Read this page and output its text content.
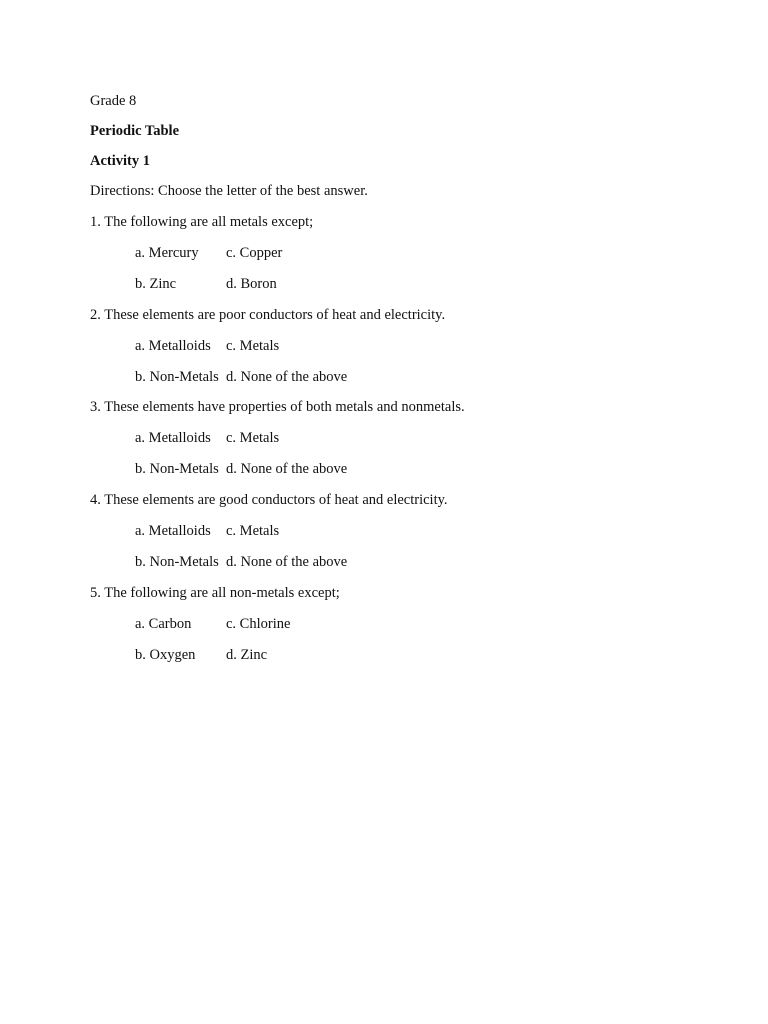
Grade 8
Periodic Table
Activity 1
Directions: Choose the letter of the best answer.
1. The following are all metals except;
a. Mercury c. Copper
b. Zinc	d. Boron
2. These elements are poor conductors of heat and electricity.
a. Metalloids c. Metals
b. Non-Metals d. None of the above
3. These elements have properties of both metals and nonmetals.
a. Metalloids c. Metals
b. Non-Metals d. None of the above
4. These elements are good conductors of heat and electricity.
a. Metalloids c. Metals
b. Non-Metals d. None of the above
5. The following are all non-metals except;
a. Carbon c. Chlorine
b. Oxygen d. Zinc
